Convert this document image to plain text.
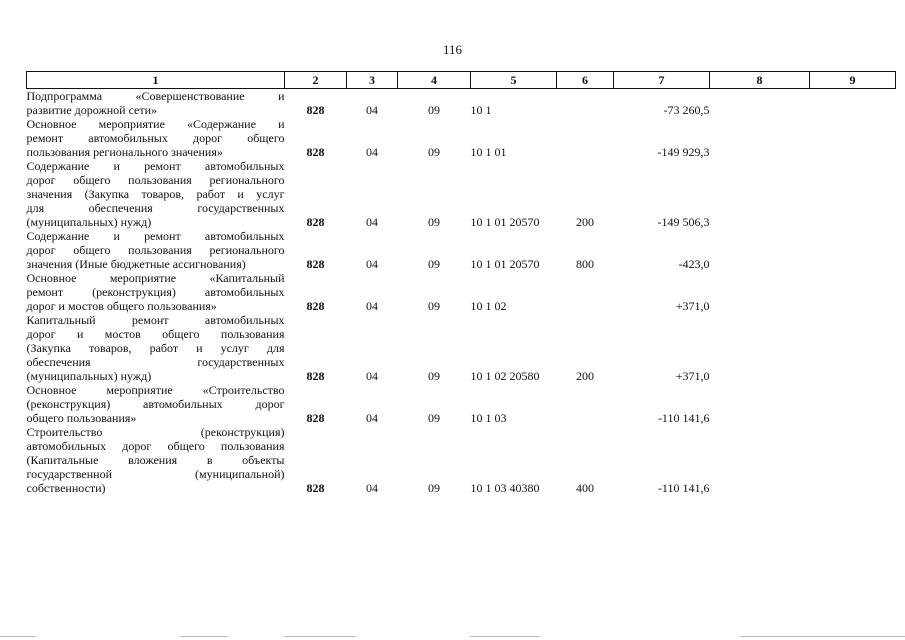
116
1	2	3	4	5	6	7	8	9

Подпрограмма «Совершенствование и
развитие дорожной сети»	828	04	09	10 1		-73 260,5		

Основное мероприятие «Содержание и
ремонт автомобильных дорог общего
пользования регионального значения»	828	04	09	10 1 01		-149 929,3		

Содержание и ремонт автомобильных
дорог общего пользования регионального
значения (Закупка товаров, работ и услуг
для обеспечения государственных
(муниципальных) нужд)	828	04	09	10 1 01 20570	200	-149 506,3		

Содержание и ремонт автомобильных
дорог общего пользования регионального
значения (Иные бюджетные ассигнования)	828	04	09	10 1 01 20570	800	-423,0		

Основное мероприятие «Капитальный
ремонт (реконструкция) автомобильных
дорог и мостов общего пользования»	828	04	09	10 1 02		+371,0		

Капитальный ремонт автомобильных
дорог и мостов общего пользования
(Закупка товаров, работ и услуг для
обеспечения государственных
(муниципальных) нужд)	828	04	09	10 1 02 20580	200	+371,0		

Основное мероприятие «Строительство
(реконструкция) автомобильных дорог
общего пользования»	828	04	09	10 1 03		-110 141,6		

Строительство (реконструкция)
автомобильных дорог общего пользования
(Капитальные вложения в объекты
государственной (муниципальной)
собственности)	828	04	09	10 1 03 40380	400	-110 141,6		
